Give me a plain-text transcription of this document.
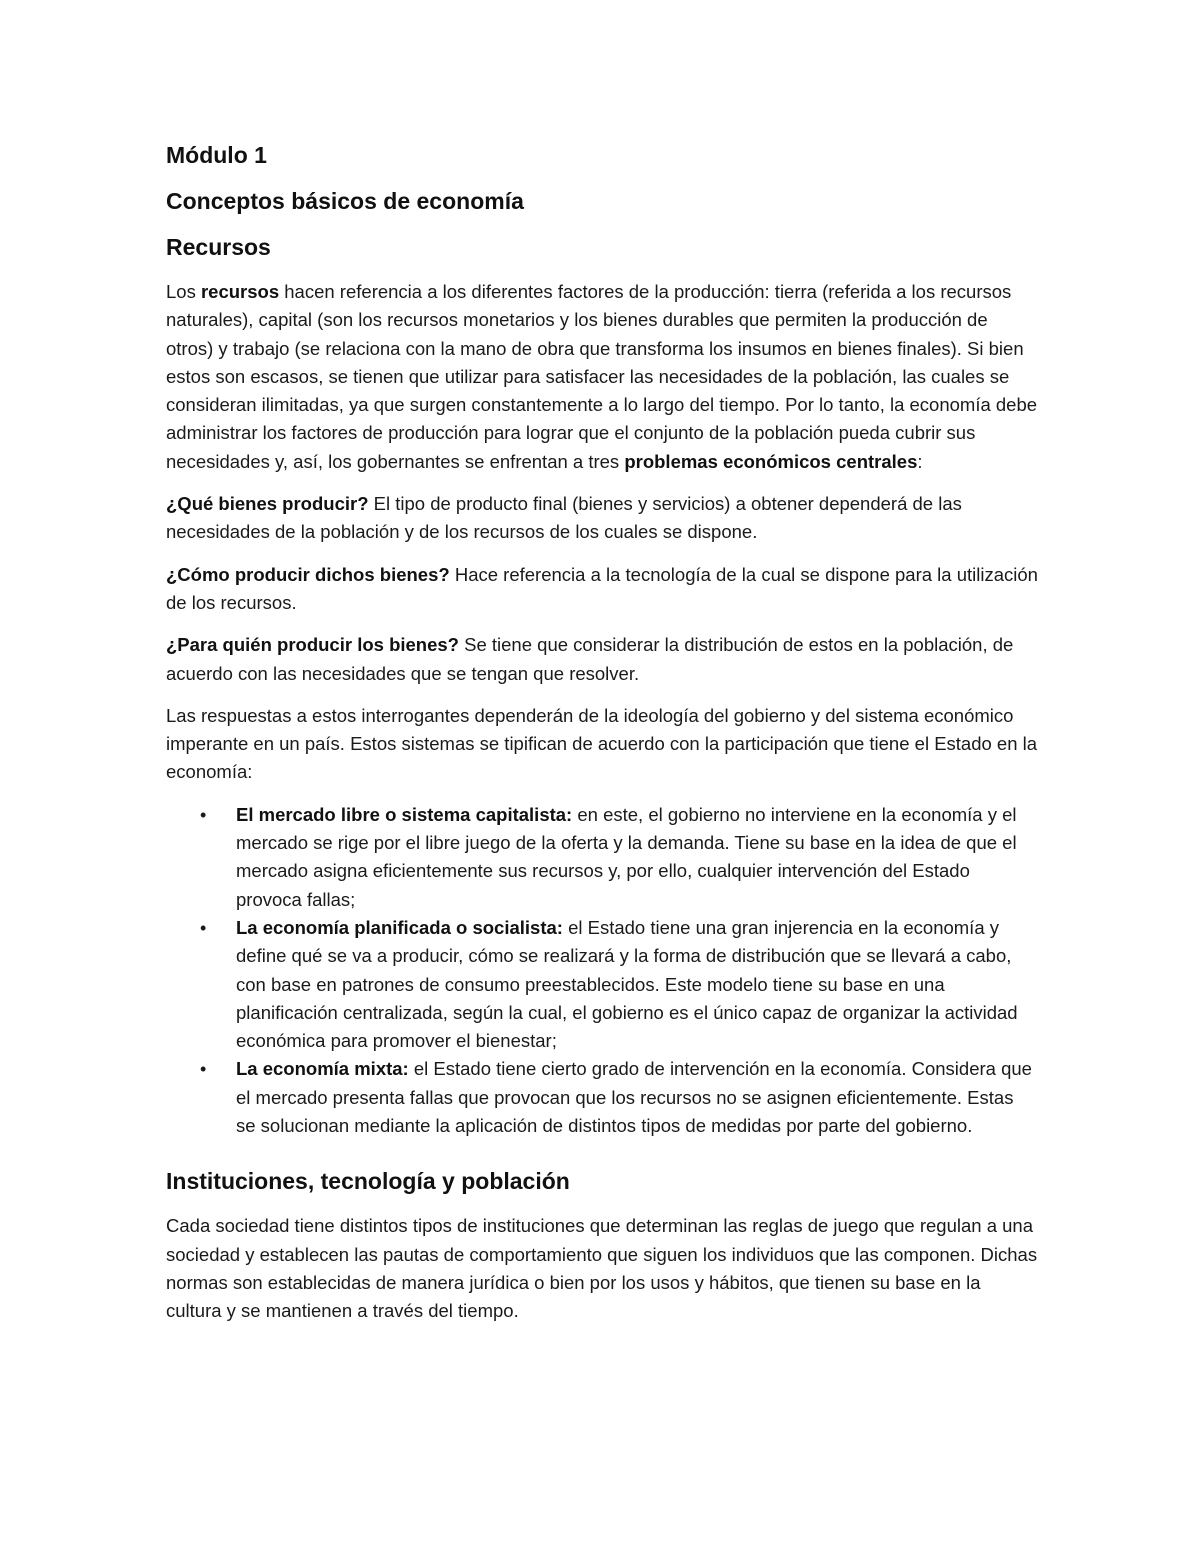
Módulo 1
Conceptos básicos de economía
Recursos

Los recursos hacen referencia a los diferentes factores de la producción: tierra (referida a los recursos naturales), capital (son los recursos monetarios y los bienes durables que permiten la producción de otros) y trabajo (se relaciona con la mano de obra que transforma los insumos en bienes finales). Si bien estos son escasos, se tienen que utilizar para satisfacer las necesidades de la población, las cuales se consideran ilimitadas, ya que surgen constantemente a lo largo del tiempo. Por lo tanto, la economía debe administrar los factores de producción para lograr que el conjunto de la población pueda cubrir sus necesidades y, así, los gobernantes se enfrentan a tres problemas económicos centrales:

¿Qué bienes producir? El tipo de producto final (bienes y servicios) a obtener dependerá de las necesidades de la población y de los recursos de los cuales se dispone.

¿Cómo producir dichos bienes? Hace referencia a la tecnología de la cual se dispone para la utilización de los recursos.

¿Para quién producir los bienes? Se tiene que considerar la distribución de estos en la población, de acuerdo con las necesidades que se tengan que resolver.

Las respuestas a estos interrogantes dependerán de la ideología del gobierno y del sistema económico imperante en un país. Estos sistemas se tipifican de acuerdo con la participación que tiene el Estado en la economía:

• El mercado libre o sistema capitalista: en este, el gobierno no interviene en la economía y el mercado se rige por el libre juego de la oferta y la demanda. Tiene su base en la idea de que el mercado asigna eficientemente sus recursos y, por ello, cualquier intervención del Estado provoca fallas;
• La economía planificada o socialista: el Estado tiene una gran injerencia en la economía y define qué se va a producir, cómo se realizará y la forma de distribución que se llevará a cabo, con base en patrones de consumo preestablecidos. Este modelo tiene su base en una planificación centralizada, según la cual, el gobierno es el único capaz de organizar la actividad económica para promover el bienestar;
• La economía mixta: el Estado tiene cierto grado de intervención en la economía. Considera que el mercado presenta fallas que provocan que los recursos no se asignen eficientemente. Estas se solucionan mediante la aplicación de distintos tipos de medidas por parte del gobierno.
Instituciones, tecnología y población

Cada sociedad tiene distintos tipos de instituciones que determinan las reglas de juego que regulan a una sociedad y establecen las pautas de comportamiento que siguen los individuos que las componen. Dichas normas son establecidas de manera jurídica o bien por los usos y hábitos, que tienen su base en la cultura y se mantienen a través del tiempo.
